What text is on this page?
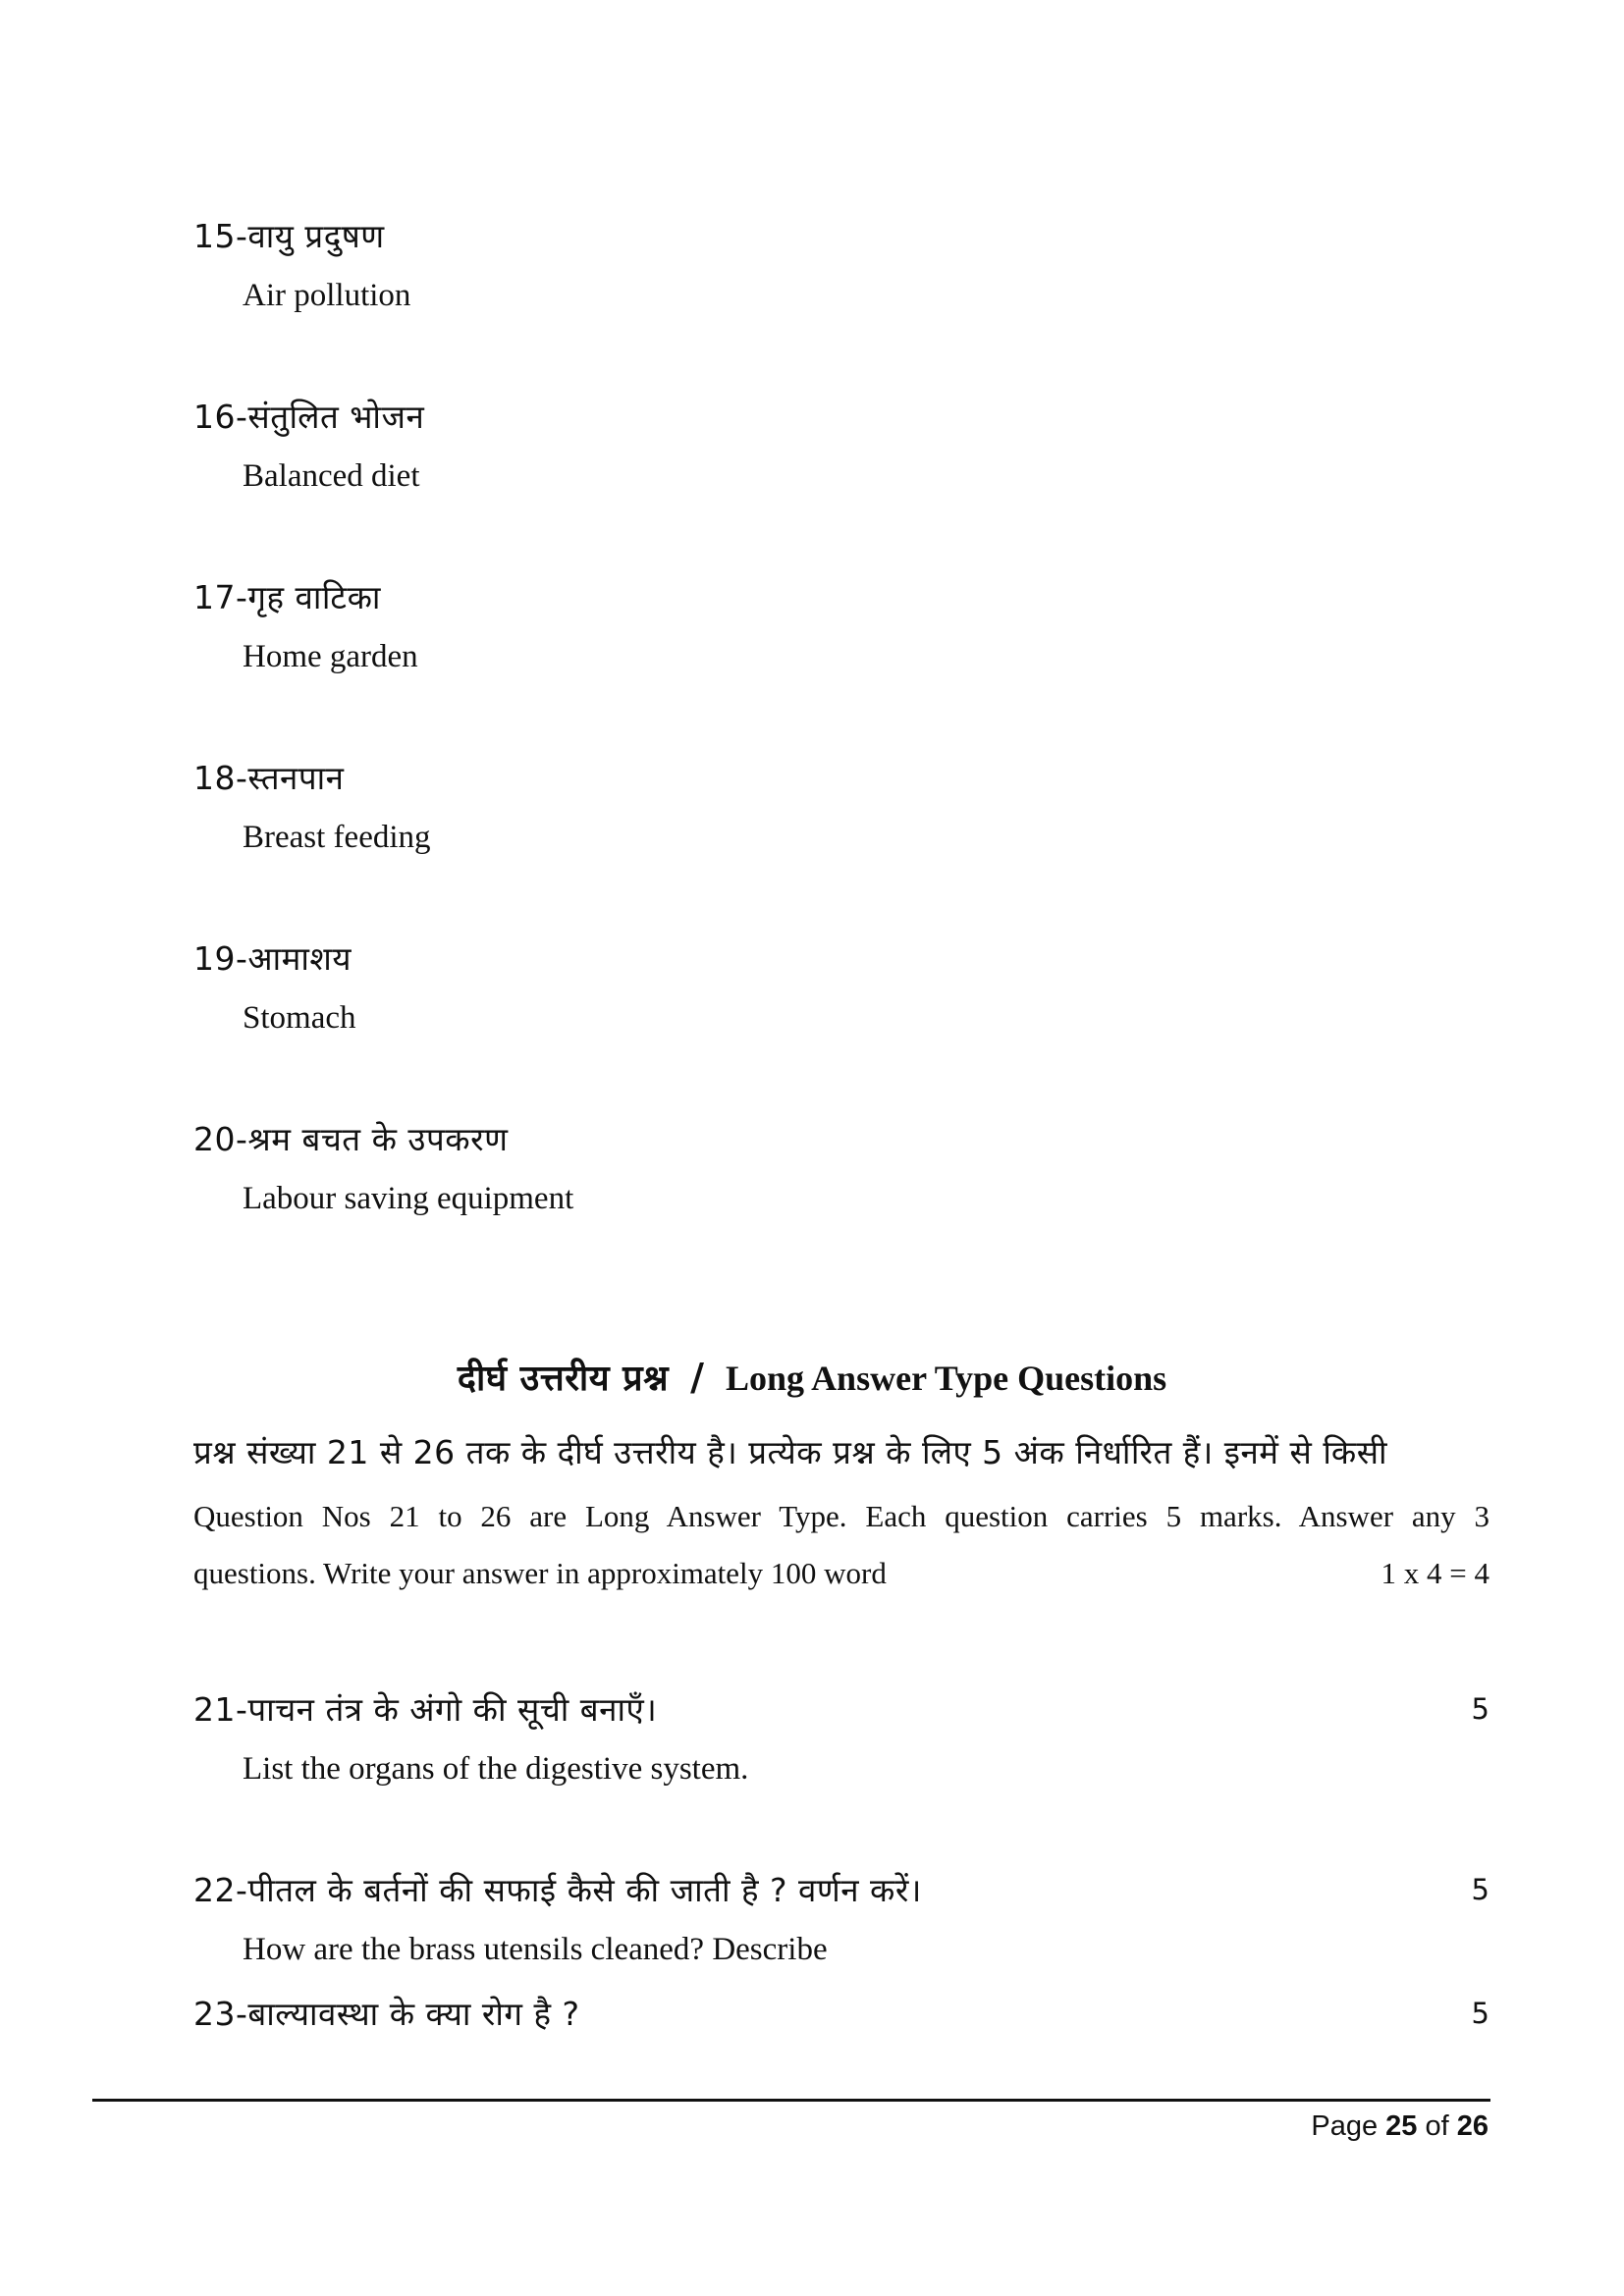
15-वायु प्रदुषण
Air pollution
16-संतुलित भोजन
Balanced diet
17-गृह वाटिका
Home garden
18-स्तनपान
Breast feeding
19-आमाशय
Stomach
20-श्रम बचत के उपकरण
Labour saving equipment
दीर्घ उत्तरीय प्रश्न / Long Answer Type Questions
प्रश्न संख्या 21 से 26 तक के दीर्घ उत्तरीय है। प्रत्येक प्रश्न के लिए 5 अंक निर्धारित हैं। इनमें से किसी
Question Nos 21 to 26 are Long Answer Type. Each question carries 5 marks. Answer any 3
questions. Write your answer in approximately 100 word	1 x 4 = 4
21-पाचन तंत्र के अंगो की सूची बनाएँ।	5
List the organs of the digestive system.
22-पीतल के बर्तनों की सफाई कैसे की जाती है ? वर्णन करें।	5
How are the brass utensils cleaned? Describe
23-बाल्यावस्था के क्या रोग है ?	5
Page 25 of 26
